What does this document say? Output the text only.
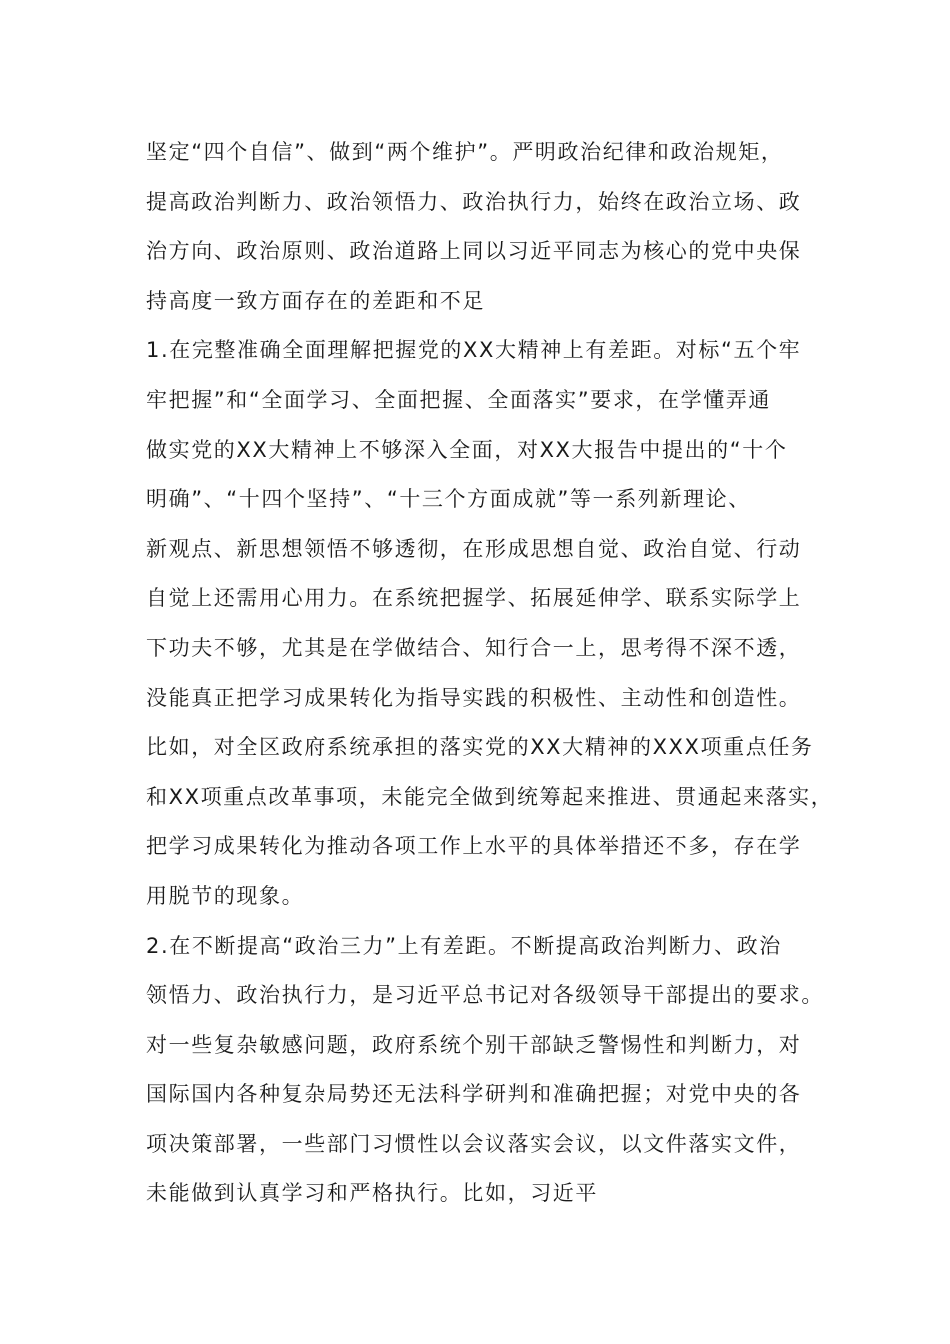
坚定“四个自信”、做到“两个维护”。严明政治纪律和政治规矩，
提高政治判断力、政治领悟力、政治执行力，始终在政治立场、政
治方向、政治原则、政治道路上同以习近平同志为核心的党中央保
持高度一致方面存在的差距和不足
1.在完整准确全面理解把握党的XX大精神上有差距。对标“五个牢
牢把握”和“全面学习、全面把握、全面落实”要求，在学懂弄通
做实党的XX大精神上不够深入全面，对XX大报告中提出的“十个
明确”、“十四个坚持”、“十三个方面成就”等一系列新理论、
新观点、新思想领悟不够透彻，在形成思想自觉、政治自觉、行动
自觉上还需用心用力。在系统把握学、拓展延伸学、联系实际学上
下功夫不够，尤其是在学做结合、知行合一上，思考得不深不透，
没能真正把学习成果转化为指导实践的积极性、主动性和创造性。
比如，对全区政府系统承担的落实党的XX大精神的XXX项重点任务
和XX项重点改革事项，未能完全做到统筹起来推进、贯通起来落实，
把学习成果转化为推动各项工作上水平的具体举措还不多，存在学
用脱节的现象。
2.在不断提高“政治三力”上有差距。不断提高政治判断力、政治
领悟力、政治执行力，是习近平总书记对各级领导干部提出的要求。
对一些复杂敏感问题，政府系统个别干部缺乏警惕性和判断力，对
国际国内各种复杂局势还无法科学研判和准确把握；对党中央的各
项决策部署，一些部门习惯性以会议落实会议，以文件落实文件，
未能做到认真学习和严格执行。比如，习近平
